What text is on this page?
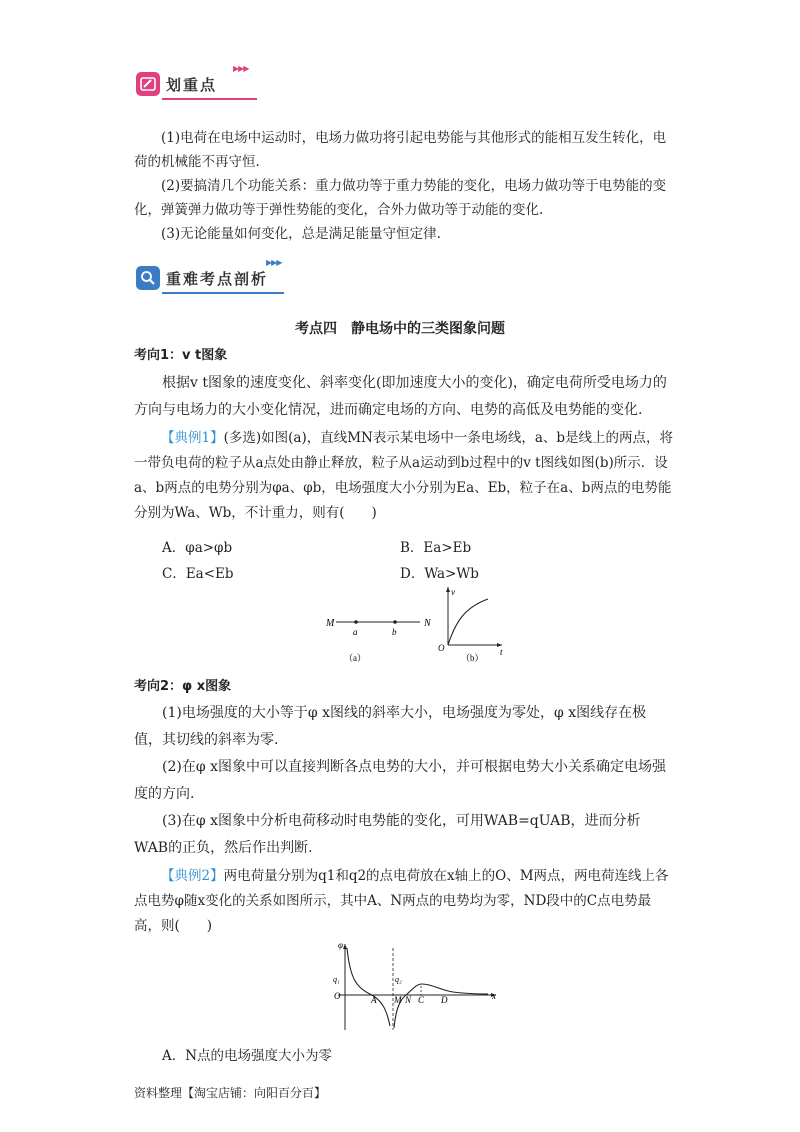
划重点
▶▶▶
(1)电荷在电场中运动时，电场力做功将引起电势能与其他形式的能相互发生转化，电荷的机械能不再守恒.
(2)要搞清几个功能关系：重力做功等于重力势能的变化，电场力做功等于电势能的变化，弹簧弹力做功等于弹性势能的变化，合外力做功等于动能的变化.
(3)无论能量如何变化，总是满足能量守恒定律.
重难考点剖析
▶▶▶
考点四　静电场中的三类图象问题
考向1：v t图象
根据v t图象的速度变化、斜率变化(即加速度大小的变化)，确定电荷所受电场力的方向与电场力的大小变化情况，进而确定电场的方向、电势的高低及电势能的变化.
【典例1】(多选)如图(a)，直线MN表示某电场中一条电场线，a、b是线上的两点，将一带负电荷的粒子从a点处由静止释放，粒子从a运动到b过程中的v t图线如图(b)所示．设a、b两点的电势分别为φa、φb，电场强度大小分别为Ea、Eb，粒子在a、b两点的电势能分别为Wa、Wb，不计重力，则有(　　)
A．φa>φb	B．Ea>Eb
C．Ea<Eb	D．Wa>Wb
M
a	b
N
（a）
v
O	t
（b）
考向2：φ x图象
(1)电场强度的大小等于φ x图线的斜率大小，电场强度为零处，φ x图线存在极值，其切线的斜率为零.
(2)在φ x图象中可以直接判断各点电势的大小，并可根据电势大小关系确定电场强度的方向.
(3)在φ x图象中分析电荷移动时电势能的变化，可用WAB=qUAB，进而分析WAB的正负，然后作出判断.
【典例2】两电荷量分别为q1和q2的点电荷放在x轴上的O、M两点，两电荷连线上各点电势φ随x变化的关系如图所示，其中A、N两点的电势均为零，ND段中的C点电势最高，则(　　)
φ
q₁
O	x
q₂
A M N C D
A．N点的电场强度大小为零
资料整理【淘宝店铺：向阳百分百】
